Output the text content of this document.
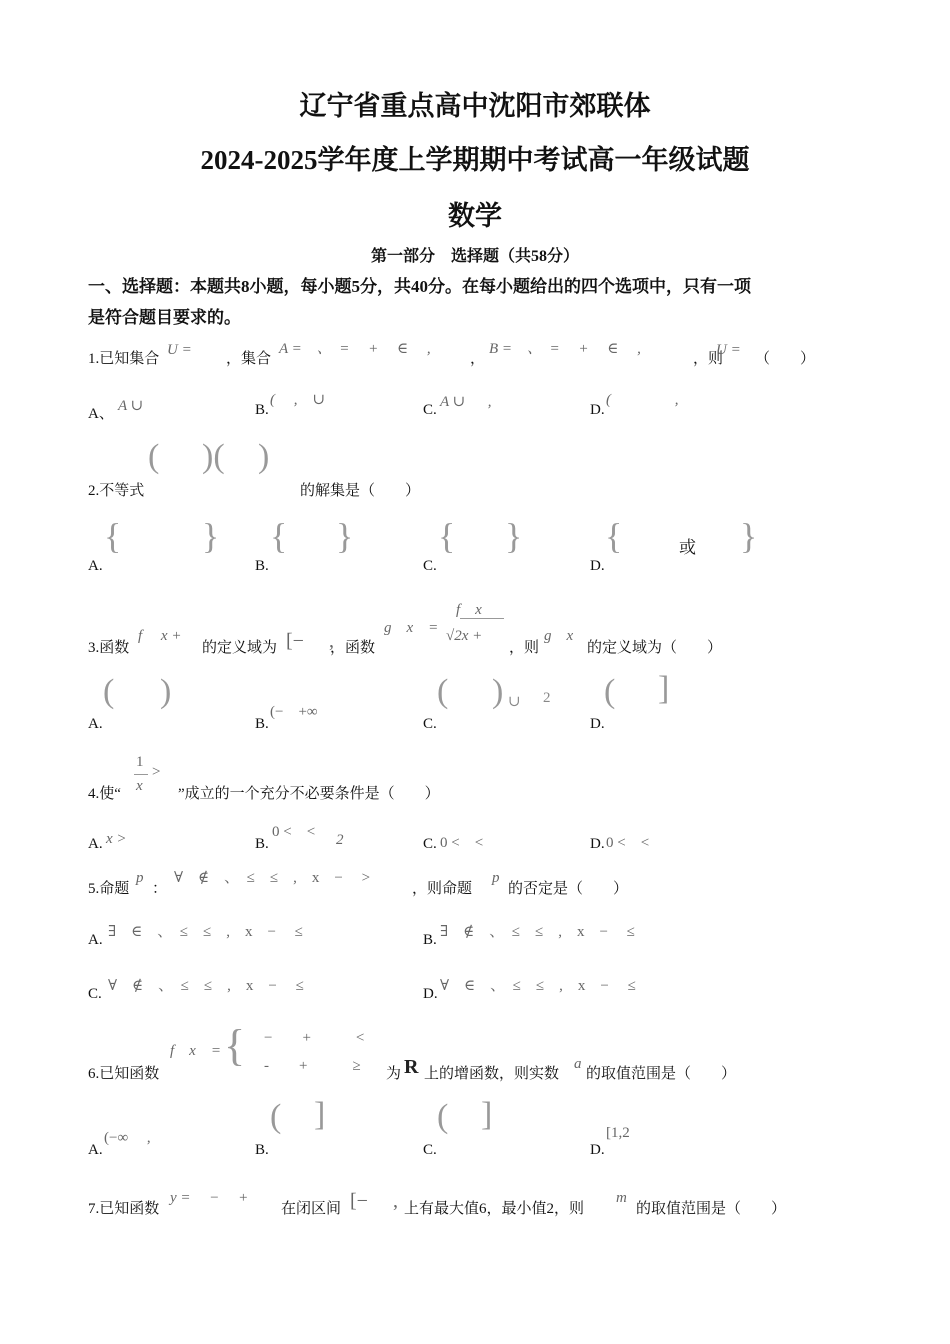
辽宁省重点高中沈阳市郊联体
2024-2025学年度上学期期中考试高一年级试题
数学
第一部分　选择题（共58分）
一、选择题：本题共8小题，每小题5分，共40分。在每小题给出的四个选项中，只有一项
是符合题目要求的。
1.已知集合
U =
，集合
A =　、　=　 +　 ∈　 ,
，
B =　、　=　 +　 ∈　 ,
，则
U =
（　　）
A、 A ∪	B.
(　 ,　∪
C. A ∪ 　 ,	D.
(　　　　 ,
2.不等式
( )( )
的解集是（　　）
A.
{ }
B.
{ }
C.
{ }
D.
{	或 }
3.函数
f 　x +
的定义域为 [−　 ,
，函数
g　x　=
f　x
√2x +
，则
g　x
的定义域为（　　）
A.
( )
B.
(−　+∞
C.
( ) ∪ 2
D.
( ]
4.使“
1
>
x ”成立的一个充分不必要条件是（　　）
A. x >	B.
0 <　< 2	C. 0 <　<	D. 0 <　<
5.命题
p
：
∀　∉　、　≤　≤　,　x　−　 >
，则命题
p
的否定是（　　）
A. ∃　∈　、　≤　≤　,　x　−　 ≤	B. ∃　∉　、　≤　≤　,　x　−　 ≤
C. ∀　∉　、　≤　≤　,　x　−　 ≤	D. ∀　∈　、　≤　≤　,　x　−　 ≤
6.已知函数
f　x　= { −　　+　　　<
-　　+　　　≥ 为 R 上的增函数，则实数
a
的取值范围是（　　）
A.
(−∞　 ,
B.
( ]
C.
( ]
D.
[1,2
7.已知函数
y =　 −　 +
在闭区间 [−　 , 上有最大值6，最小值2，则
m
的取值范围是（　　）
